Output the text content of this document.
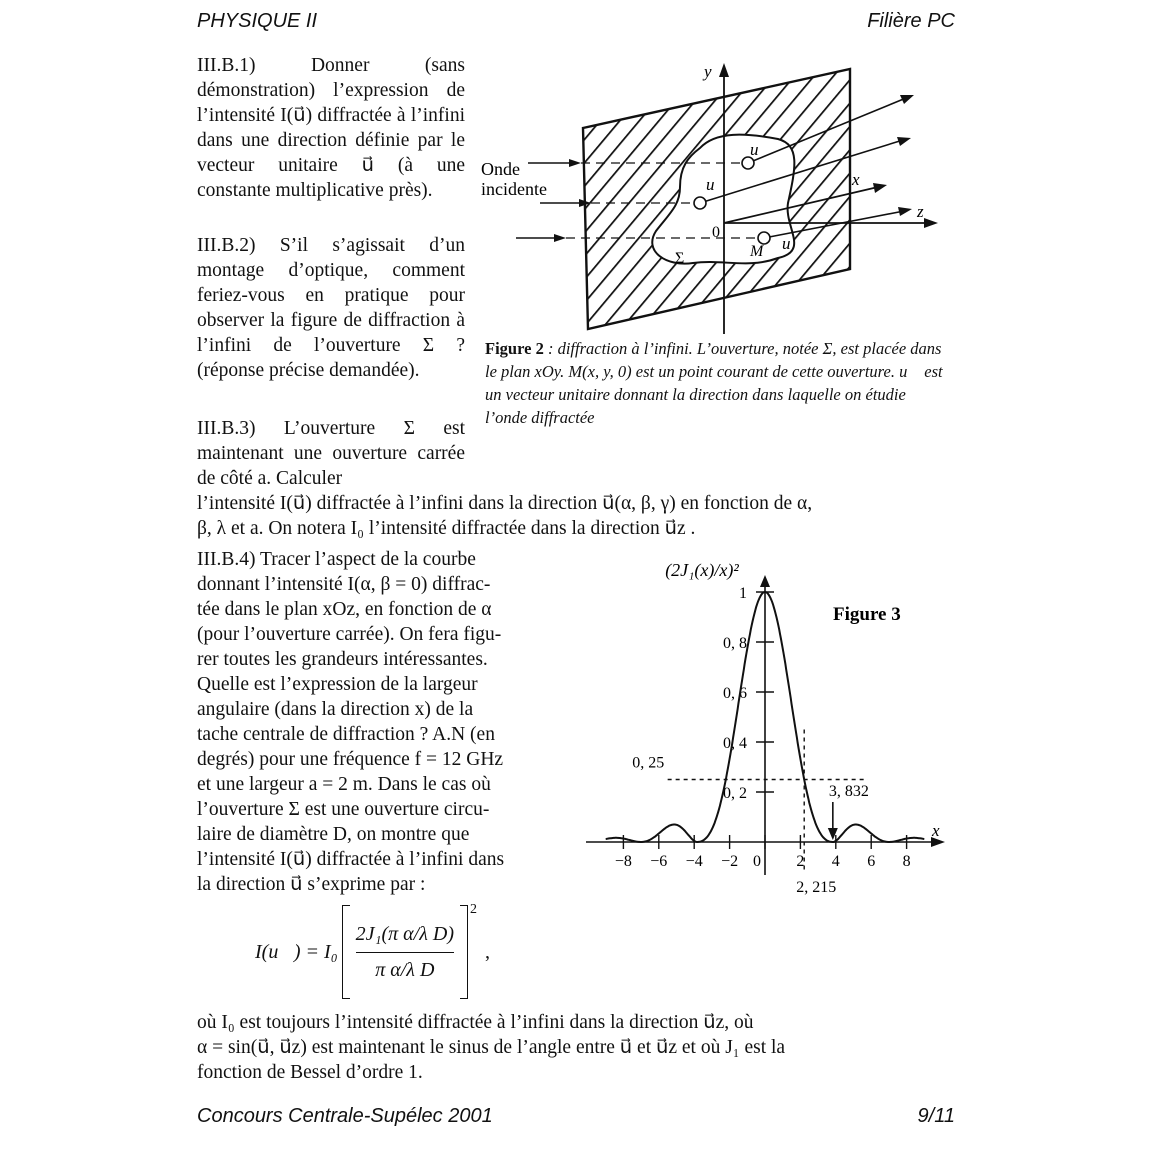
PHYSIQUE II	Filière PC

III.B.1) Donner (sans démonstration) l’expression de l’intensité I(u⃗) diffractée à l’infini dans une direction définie par le vecteur unitaire u⃗ (à une constante multiplicative près).

III.B.2) S’il s’agissait d’un montage d’optique, comment feriez-vous en pratique pour observer la figure de diffraction à l’infini de l’ouverture Σ ? (réponse précise demandée).

III.B.3) L’ouverture Σ est maintenant une ouverture carrée de côté a. Calculer

l’intensité I(u⃗) diffractée à l’infini dans la direction u⃗(α, β, γ) en fonction de α,
β, λ et a. On notera I₀ l’intensité diffractée dans la direction u⃗z .
y
x
z
0
Σ	M
u⃗
u⃗
u⃗
Onde
incidente
Figure 2 : diffraction à l’infini. L’ouverture, notée Σ, est placée dans le plan xOy. M(x, y, 0) est un point courant de cette ouverture. u⃗ est un vecteur unitaire donnant la direction dans laquelle on étudie l’onde diffractée
III.B.4) Tracer l’aspect de la courbe
donnant l’intensité I(α, β = 0) diffrac-
tée dans le plan xOz, en fonction de α
(pour l’ouverture carrée). On fera figu-
rer toutes les grandeurs intéressantes.
Quelle est l’expression de la largeur
angulaire (dans la direction x) de la
tache centrale de diffraction ? A.N (en
degrés) pour une fréquence f = 12 GHz
et une largeur a = 2 m. Dans le cas où
l’ouverture Σ est une ouverture circu-
laire de diamètre D, on montre que
l’intensité I(u⃗) diffractée à l’infini dans
la direction u⃗ s’exprime par :
−8 −6 −4 −2 0 2 4 6 8
1
0, 8
0, 6
0, 4
0, 2
(2J₁(x)/x)²
Figure 3
x
0, 25
3, 832
2, 215
I(u⃗) = $I_0 \frac{\text{2J₁(π α/λ D)}}{\text{π α/λ D}} 2$
,
où I₀ est toujours l’intensité diffractée à l’infini dans la direction u⃗z, où
α = sin(u⃗, u⃗z) est maintenant le sinus de l’angle entre u⃗ et u⃗z et où J₁ est la
fonction de Bessel d’ordre 1.
Concours Centrale-Supélec 2001	9/11
